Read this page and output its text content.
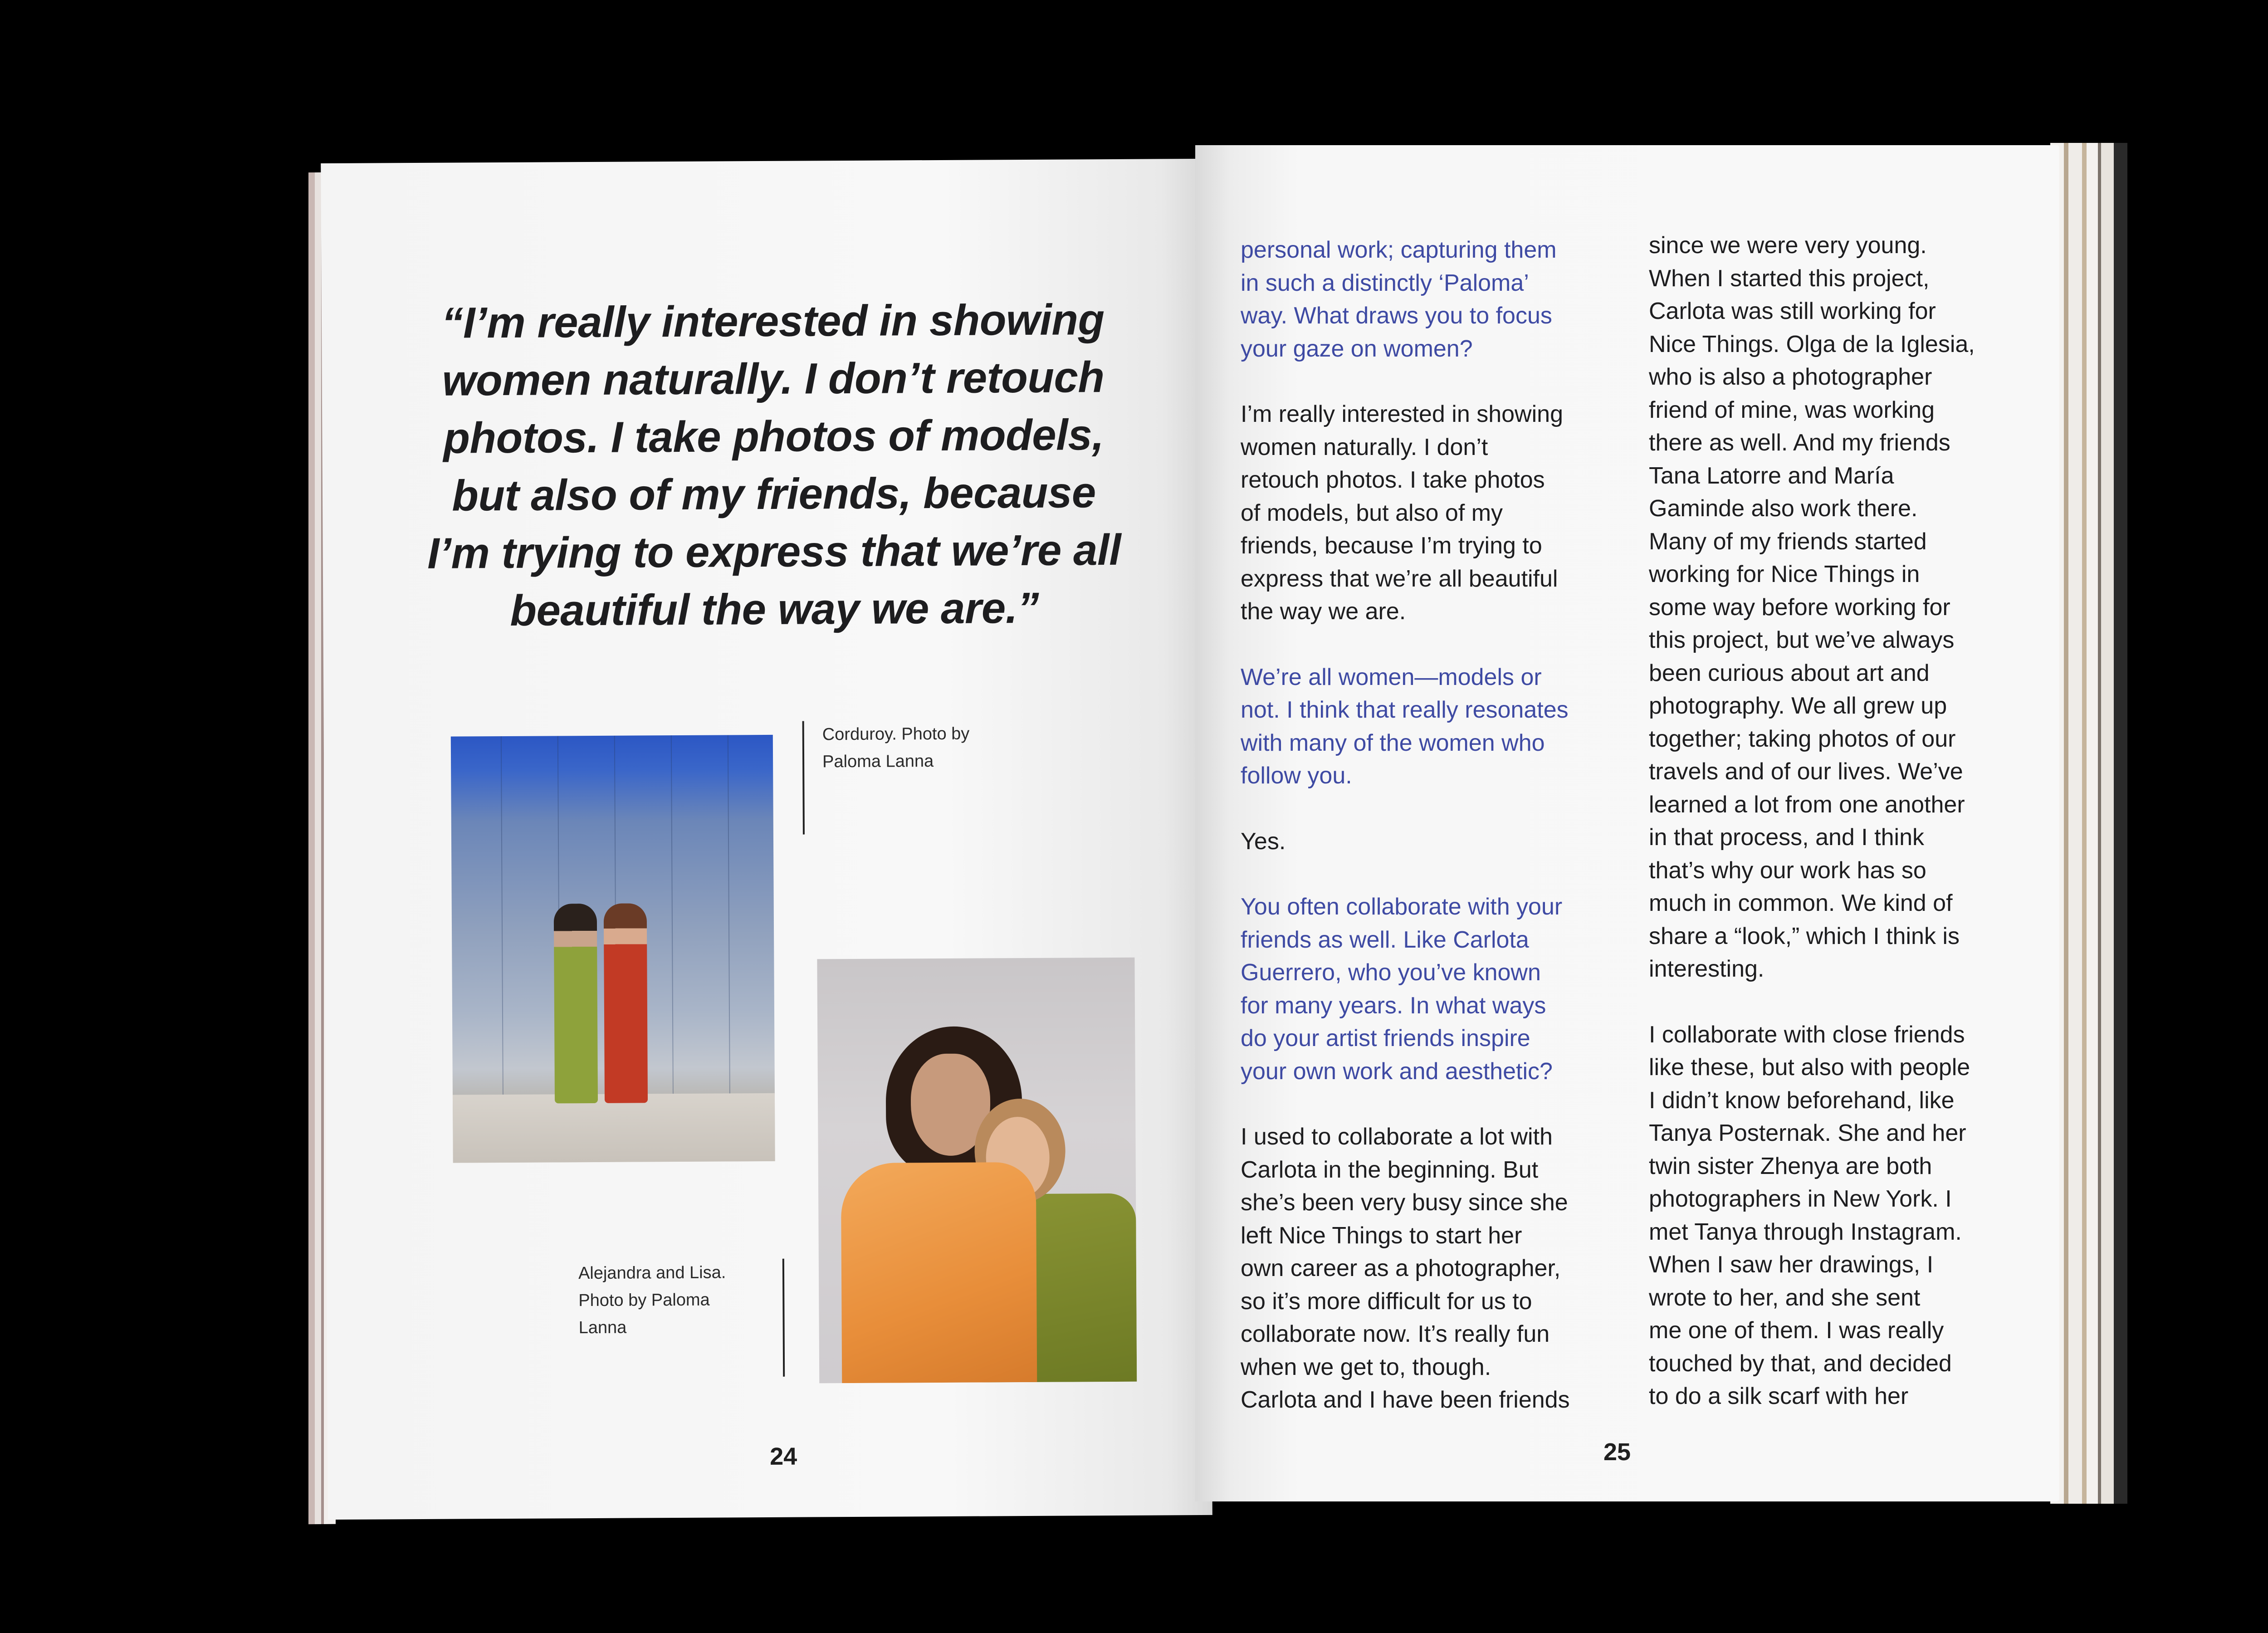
“I’m really interested in showing
women naturally. I don’t retouch
photos. I take photos of models,
but also of my friends, because
I’m trying to express that we’re all
beautiful the way we are.”
Corduroy. Photo by
Paloma Lanna
Alejandra and Lisa.
Photo by Paloma
Lanna
24

personal work; capturing them
in such a distinctly ‘Paloma’
way. What draws you to focus
your gaze on women?

I’m really interested in showing
women naturally. I don’t
retouch photos. I take photos
of models, but also of my
friends, because I’m trying to
express that we’re all beautiful
the way we are.

We’re all women—models or
not. I think that really resonates
with many of the women who
follow you.

Yes.

You often collaborate with your
friends as well. Like Carlota
Guerrero, who you’ve known
for many years. In what ways
do your artist friends inspire
your own work and aesthetic?

I used to collaborate a lot with
Carlota in the beginning. But
she’s been very busy since she
left Nice Things to start her
own career as a photographer,
so it’s more difficult for us to
collaborate now. It’s really fun
when we get to, though.
Carlota and I have been friends

since we were very young.
When I started this project,
Carlota was still working for
Nice Things. Olga de la Iglesia,
who is also a photographer
friend of mine, was working
there as well. And my friends
Tana Latorre and María
Gaminde also work there.
Many of my friends started
working for Nice Things in
some way before working for
this project, but we’ve always
been curious about art and
photography. We all grew up
together; taking photos of our
travels and of our lives. We’ve
learned a lot from one another
in that process, and I think
that’s why our work has so
much in common. We kind of
share a “look,” which I think is
interesting.

I collaborate with close friends
like these, but also with people
I didn’t know beforehand, like
Tanya Posternak. She and her
twin sister Zhenya are both
photographers in New York. I
met Tanya through Instagram.
When I saw her drawings, I
wrote to her, and she sent
me one of them. I was really
touched by that, and decided
to do a silk scarf with her

25
